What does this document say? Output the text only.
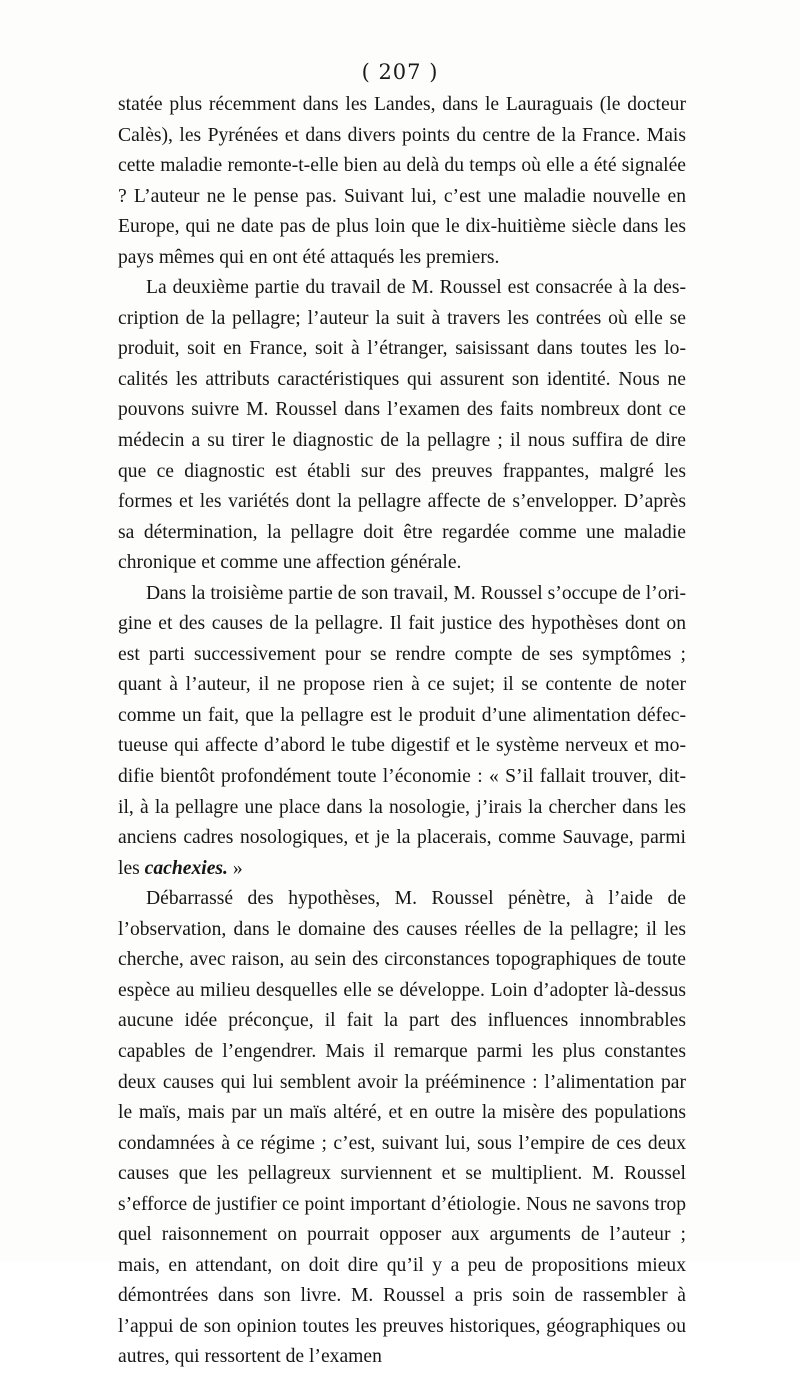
( 207 )

statée plus récemment dans les Landes, dans le Lauraguais (le docteur Calès), les Pyrénées et dans divers points du centre de la France. Mais cette maladie remonte-t-elle bien au delà du temps où elle a été signalée ? L’auteur ne le pense pas. Suivant lui, c’est une maladie nouvelle en Europe, qui ne date pas de plus loin que le dix-huitième siècle dans les pays mêmes qui en ont été attaqués les premiers.

La deuxième partie du travail de M. Roussel est consacrée à la description de la pellagre; l’auteur la suit à travers les contrées où elle se produit, soit en France, soit à l’étranger, saisissant dans toutes les localités les attributs caractéristiques qui assurent son identité. Nous ne pouvons suivre M. Roussel dans l’examen des faits nombreux dont ce médecin a su tirer le diagnostic de la pellagre ; il nous suffira de dire que ce diagnostic est établi sur des preuves frappantes, malgré les formes et les variétés dont la pellagre affecte de s’envelopper. D’après sa détermination, la pellagre doit être regardée comme une maladie chronique et comme une affection générale.

Dans la troisième partie de son travail, M. Roussel s’occupe de l’origine et des causes de la pellagre. Il fait justice des hypothèses dont on est parti successivement pour se rendre compte de ses symptômes ; quant à l’auteur, il ne propose rien à ce sujet; il se contente de noter comme un fait, que la pellagre est le produit d’une alimentation défectueuse qui affecte d’abord le tube digestif et le système nerveux et modifie bientôt profondément toute l’économie : « S’il fallait trouver, dit-il, à la pellagre une place dans la nosologie, j’irais la chercher dans les anciens cadres nosologiques, et je la placerais, comme Sauvage, parmi les cachexies. »

Débarrassé des hypothèses, M. Roussel pénètre, à l’aide de l’observation, dans le domaine des causes réelles de la pellagre; il les cherche, avec raison, au sein des circonstances topographiques de toute espèce au milieu desquelles elle se développe. Loin d’adopter là-dessus aucune idée préconçue, il fait la part des influences innombrables capables de l’engendrer. Mais il remarque parmi les plus constantes deux causes qui lui semblent avoir la prééminence : l’alimentation par le maïs, mais par un maïs altéré, et en outre la misère des populations condamnées à ce régime ; c’est, suivant lui, sous l’empire de ces deux causes que les pellagreux surviennent et se multiplient. M. Roussel s’efforce de justifier ce point important d’étiologie. Nous ne savons trop quel raisonnement on pourrait opposer aux arguments de l’auteur ; mais, en attendant, on doit dire qu’il y a peu de propositions mieux démontrées dans son livre. M. Roussel a pris soin de rassembler à l’appui de son opinion toutes les preuves historiques, géographiques ou autres, qui ressortent de l’examen
